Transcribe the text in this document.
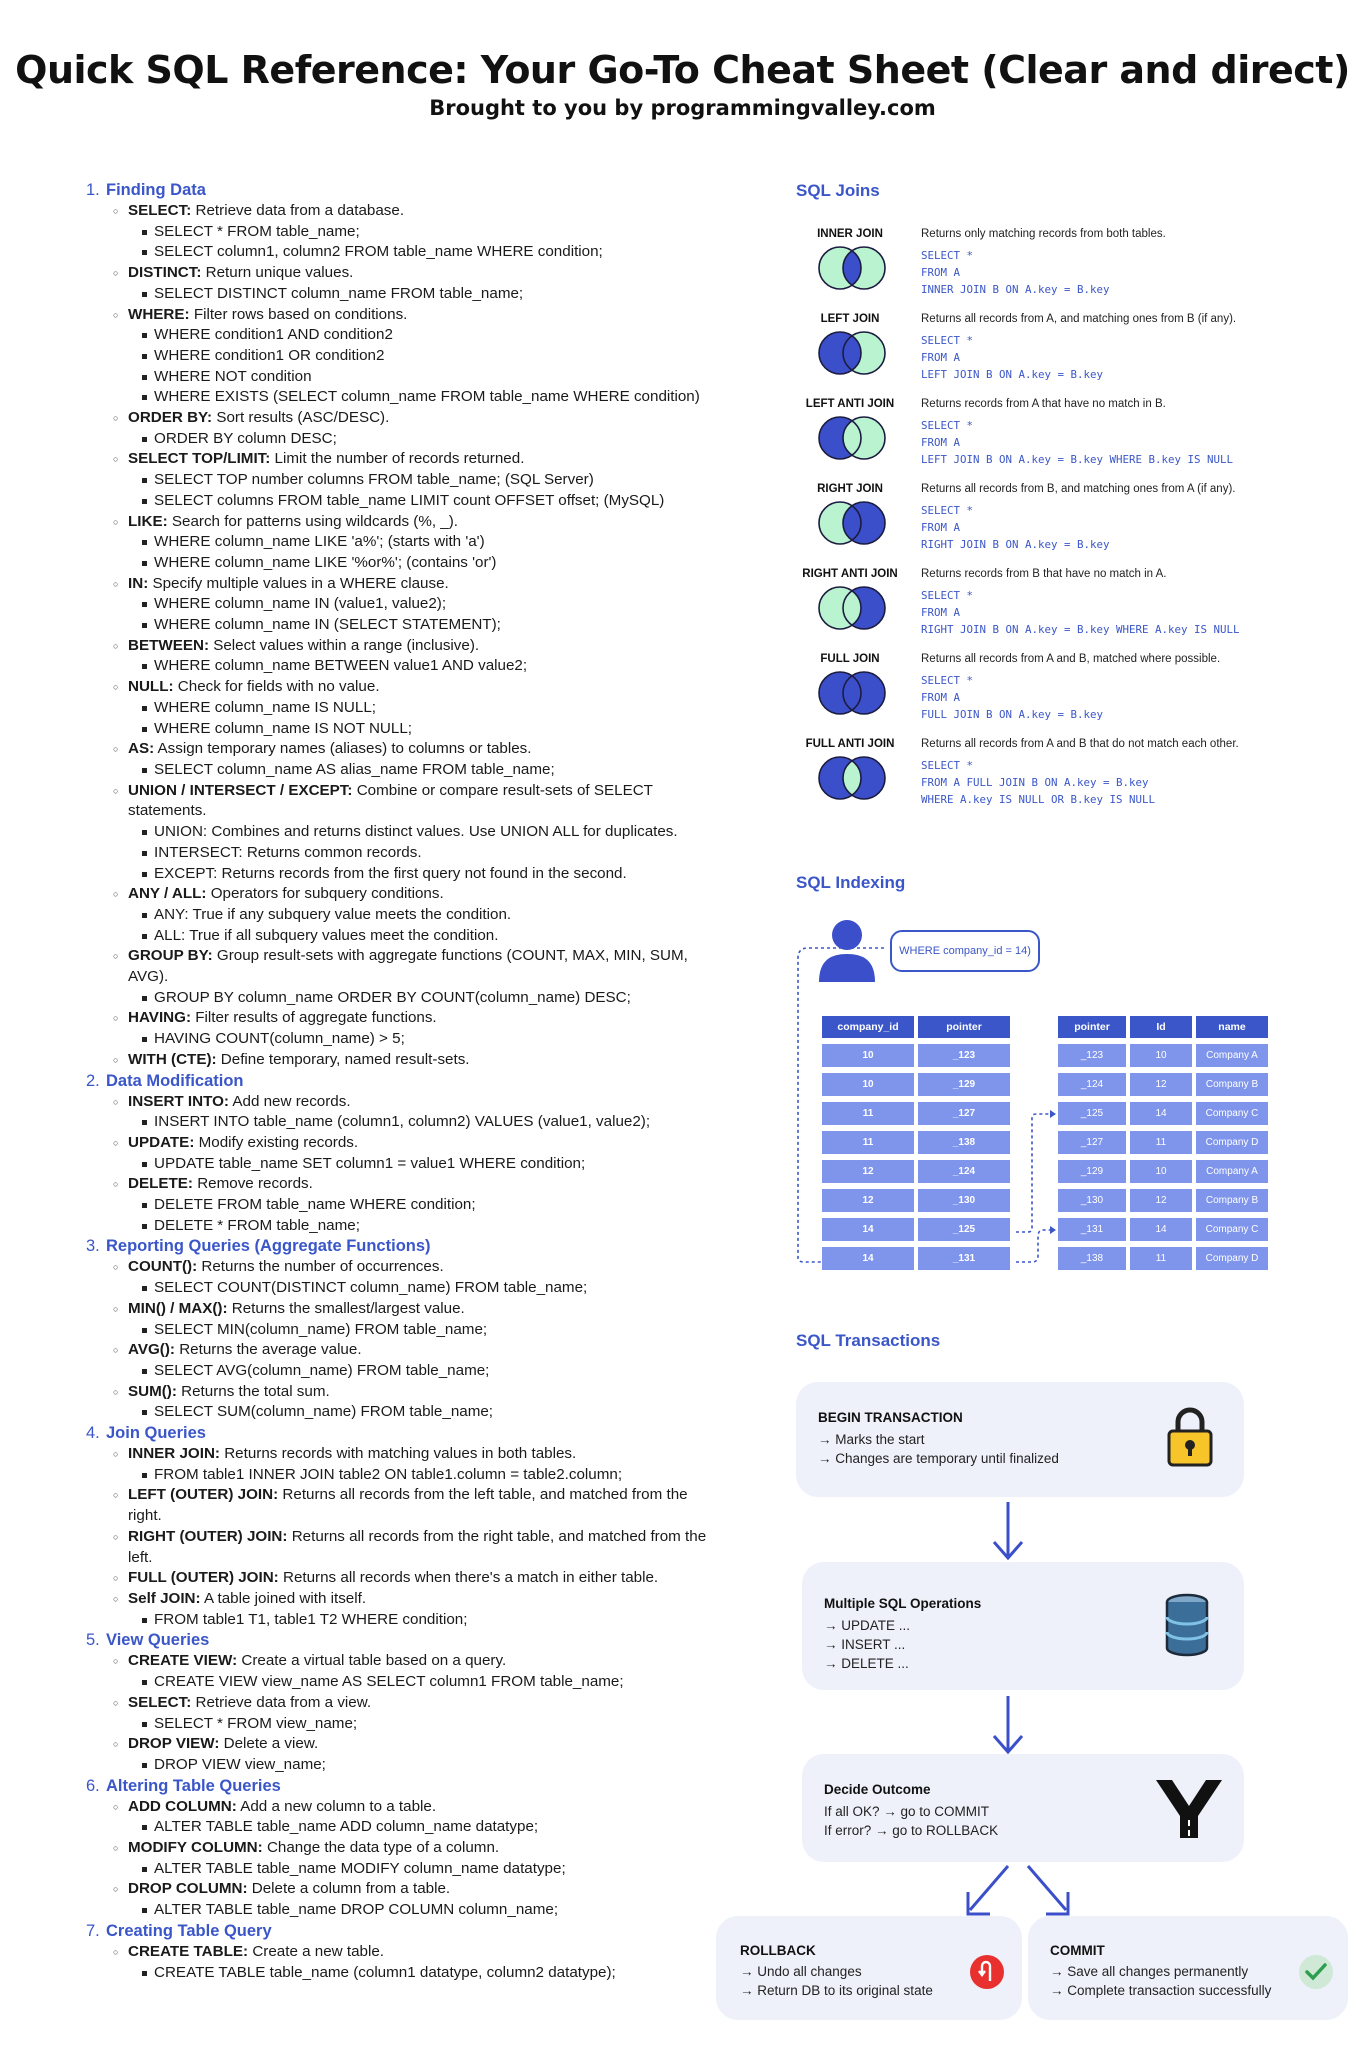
Quick SQL Reference: Your Go-To Cheat Sheet (Clear and direct)
Brought to you by programmingvalley.com
1. Finding Data
○ SELECT: Retrieve data from a database.
SELECT * FROM table_name;
SELECT column1, column2 FROM table_name WHERE condition;
○ DISTINCT: Return unique values.
SELECT DISTINCT column_name FROM table_name;
○ WHERE: Filter rows based on conditions.
WHERE condition1 AND condition2
WHERE condition1 OR condition2
WHERE NOT condition
WHERE EXISTS (SELECT column_name FROM table_name WHERE condition)
○ ORDER BY: Sort results (ASC/DESC).
ORDER BY column DESC;
○ SELECT TOP/LIMIT: Limit the number of records returned.
SELECT TOP number columns FROM table_name; (SQL Server)
SELECT columns FROM table_name LIMIT count OFFSET offset; (MySQL)
○ LIKE: Search for patterns using wildcards (%, _).
WHERE column_name LIKE 'a%'; (starts with 'a')
WHERE column_name LIKE '%or%'; (contains 'or')
○ IN: Specify multiple values in a WHERE clause.
WHERE column_name IN (value1, value2);
WHERE column_name IN (SELECT STATEMENT);
○ BETWEEN: Select values within a range (inclusive).
WHERE column_name BETWEEN value1 AND value2;
○ NULL: Check for fields with no value.
WHERE column_name IS NULL;
WHERE column_name IS NOT NULL;
○ AS: Assign temporary names (aliases) to columns or tables.
SELECT column_name AS alias_name FROM table_name;
○ UNION / INTERSECT / EXCEPT: Combine or compare result-sets of SELECT
statements.
UNION: Combines and returns distinct values. Use UNION ALL for duplicates.
INTERSECT: Returns common records.
EXCEPT: Returns records from the first query not found in the second.
○ ANY / ALL: Operators for subquery conditions.
ANY: True if any subquery value meets the condition.
ALL: True if all subquery values meet the condition.
○ GROUP BY: Group result-sets with aggregate functions (COUNT, MAX, MIN, SUM,
AVG).
GROUP BY column_name ORDER BY COUNT(column_name) DESC;
○ HAVING: Filter results of aggregate functions.
HAVING COUNT(column_name) > 5;
○ WITH (CTE): Define temporary, named result-sets.
2. Data Modification
○ INSERT INTO: Add new records.
INSERT INTO table_name (column1, column2) VALUES (value1, value2);
○ UPDATE: Modify existing records.
UPDATE table_name SET column1 = value1 WHERE condition;
○ DELETE: Remove records.
DELETE FROM table_name WHERE condition;
DELETE * FROM table_name;
3. Reporting Queries (Aggregate Functions)
○ COUNT(): Returns the number of occurrences.
SELECT COUNT(DISTINCT column_name) FROM table_name;
○ MIN() / MAX(): Returns the smallest/largest value.
SELECT MIN(column_name) FROM table_name;
○ AVG(): Returns the average value.
SELECT AVG(column_name) FROM table_name;
○ SUM(): Returns the total sum.
SELECT SUM(column_name) FROM table_name;
4. Join Queries
○ INNER JOIN: Returns records with matching values in both tables.
FROM table1 INNER JOIN table2 ON table1.column = table2.column;
○ LEFT (OUTER) JOIN: Returns all records from the left table, and matched from the
right.
○ RIGHT (OUTER) JOIN: Returns all records from the right table, and matched from the
left.
○ FULL (OUTER) JOIN: Returns all records when there's a match in either table.
○ Self JOIN: A table joined with itself.
FROM table1 T1, table1 T2 WHERE condition;
5. View Queries
○ CREATE VIEW: Create a virtual table based on a query.
CREATE VIEW view_name AS SELECT column1 FROM table_name;
○ SELECT: Retrieve data from a view.
SELECT * FROM view_name;
○ DROP VIEW: Delete a view.
DROP VIEW view_name;
6. Altering Table Queries
○ ADD COLUMN: Add a new column to a table.
ALTER TABLE table_name ADD column_name datatype;
○ MODIFY COLUMN: Change the data type of a column.
ALTER TABLE table_name MODIFY column_name datatype;
○ DROP COLUMN: Delete a column from a table.
ALTER TABLE table_name DROP COLUMN column_name;
7. Creating Table Query
○ CREATE TABLE: Create a new table.
CREATE TABLE table_name (column1 datatype, column2 datatype);
SQL Joins
INNER JOIN	Returns only matching records from both tables.
SELECT *
FROM A
INNER JOIN B ON A.key = B.key
LEFT JOIN	Returns all records from A, and matching ones from B (if any).
SELECT *
FROM A
LEFT JOIN B ON A.key = B.key
LEFT ANTI JOIN	Returns records from A that have no match in B.
SELECT *
FROM A
LEFT JOIN B ON A.key = B.key WHERE B.key IS NULL
RIGHT JOIN	Returns all records from B, and matching ones from A (if any).
SELECT *
FROM A
RIGHT JOIN B ON A.key = B.key
RIGHT ANTI JOIN	Returns records from B that have no match in A.
SELECT *
FROM A
RIGHT JOIN B ON A.key = B.key WHERE A.key IS NULL
FULL JOIN	Returns all records from A and B, matched where possible.
SELECT *
FROM A
FULL JOIN B ON A.key = B.key
FULL ANTI JOIN	Returns all records from A and B that do not match each other.
SELECT *
FROM A FULL JOIN B ON A.key = B.key
WHERE A.key IS NULL OR B.key IS NULL
SQL Indexing
WHERE company_id = 14)
company_id	pointer
10	_123
10	_129
11	_127
11	_138
12	_124
12	_130
14	_125
14	_131
pointer	Id	name
_123	10	Company A
_124	12	Company B
_125	14	Company C
_127	11	Company D
_129	10	Company A
_130	12	Company B
_131	14	Company C
_138	11	Company D
SQL Transactions
BEGIN TRANSACTION
→ Marks the start
→ Changes are temporary until finalized
Multiple SQL Operations
→ UPDATE ...
→ INSERT ...
→ DELETE ...
Decide Outcome
If all OK? → go to COMMIT
If error? → go to ROLLBACK
ROLLBACK
→ Undo all changes
→ Return DB to its original state
COMMIT
→ Save all changes permanently
→ Complete transaction successfully
